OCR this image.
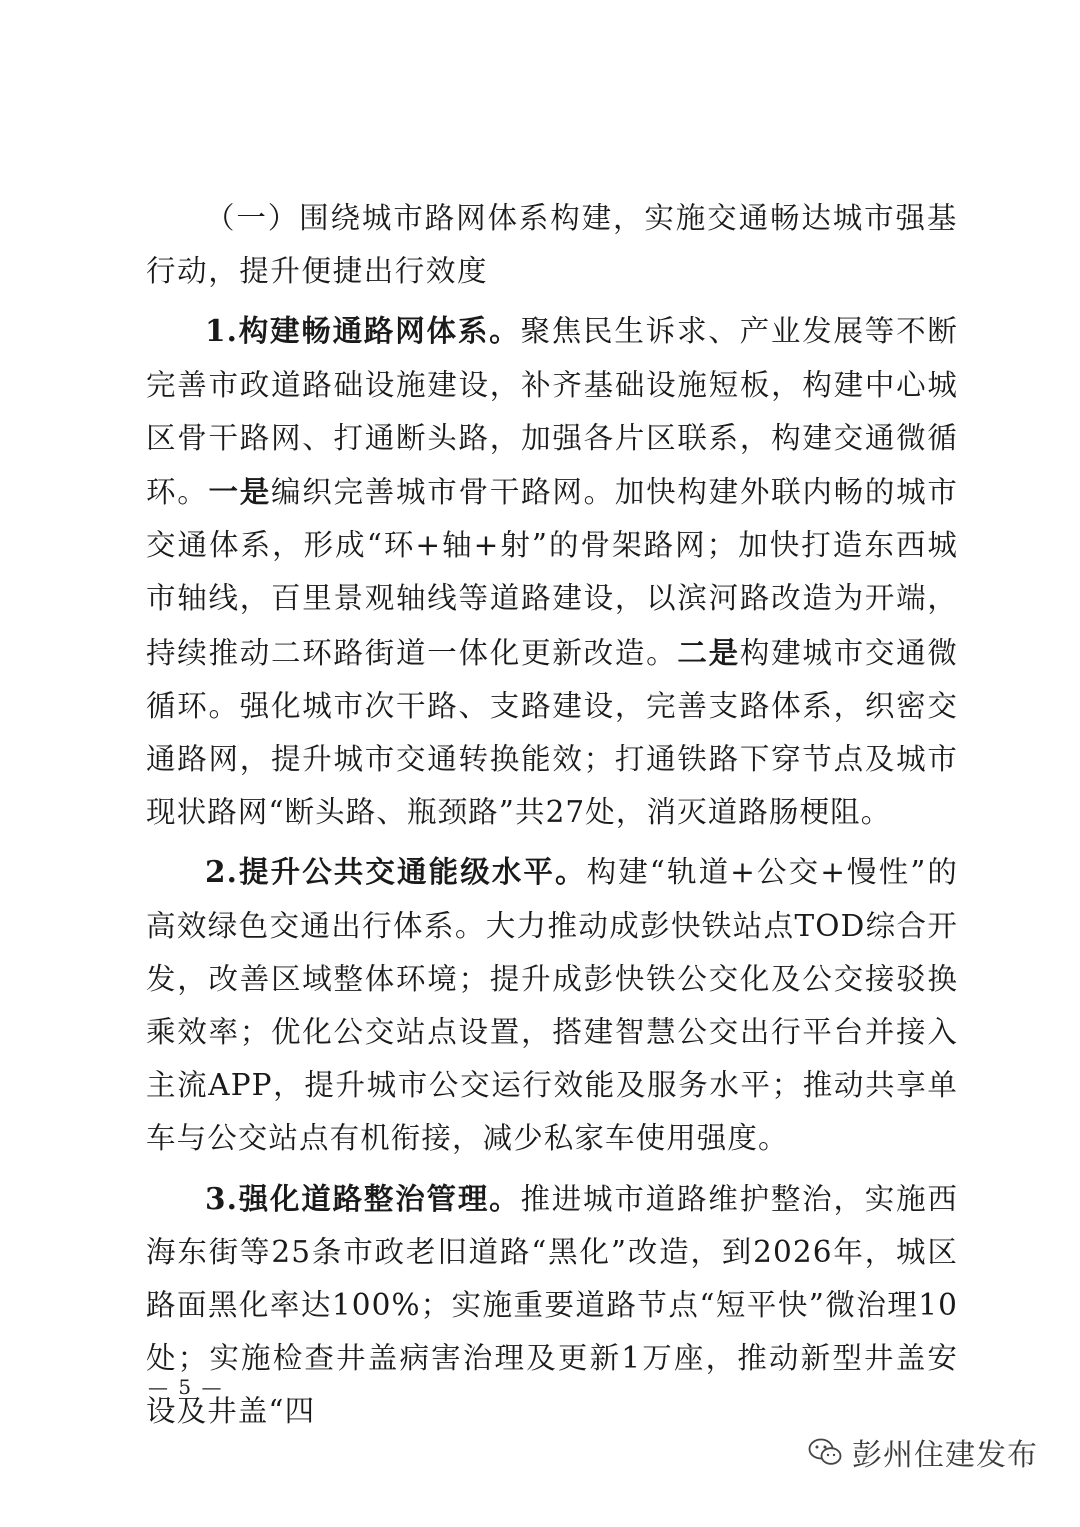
（一）围绕城市路网体系构建，实施交通畅达城市强基行动，提升便捷出行效度

1.构建畅通路网体系。聚焦民生诉求、产业发展等不断完善市政道路础设施建设，补齐基础设施短板，构建中心城区骨干路网、打通断头路，加强各片区联系，构建交通微循环。一是编织完善城市骨干路网。加快构建外联内畅的城市交通体系，形成“环+轴+射”的骨架路网；加快打造东西城市轴线，百里景观轴线等道路建设，以滨河路改造为开端，持续推动二环路街道一体化更新改造。二是构建城市交通微循环。强化城市次干路、支路建设，完善支路体系，织密交通路网，提升城市交通转换能效；打通铁路下穿节点及城市现状路网“断头路、瓶颈路”共27处，消灭道路肠梗阻。

2.提升公共交通能级水平。构建“轨道+公交+慢性”的高效绿色交通出行体系。大力推动成彭快铁站点TOD综合开发，改善区域整体环境；提升成彭快铁公交化及公交接驳换乘效率；优化公交站点设置，搭建智慧公交出行平台并接入主流APP，提升城市公交运行效能及服务水平；推动共享单车与公交站点有机衔接，减少私家车使用强度。

3.强化道路整治管理。推进城市道路维护整治，实施西海东街等25条市政老旧道路“黑化”改造，到2026年，城区路面黑化率达100%；实施重要道路节点“短平快”微治理10处；实施检查井盖病害治理及更新1万座，推动新型井盖安设及井盖“四

— 5 —
彭州住建发布
